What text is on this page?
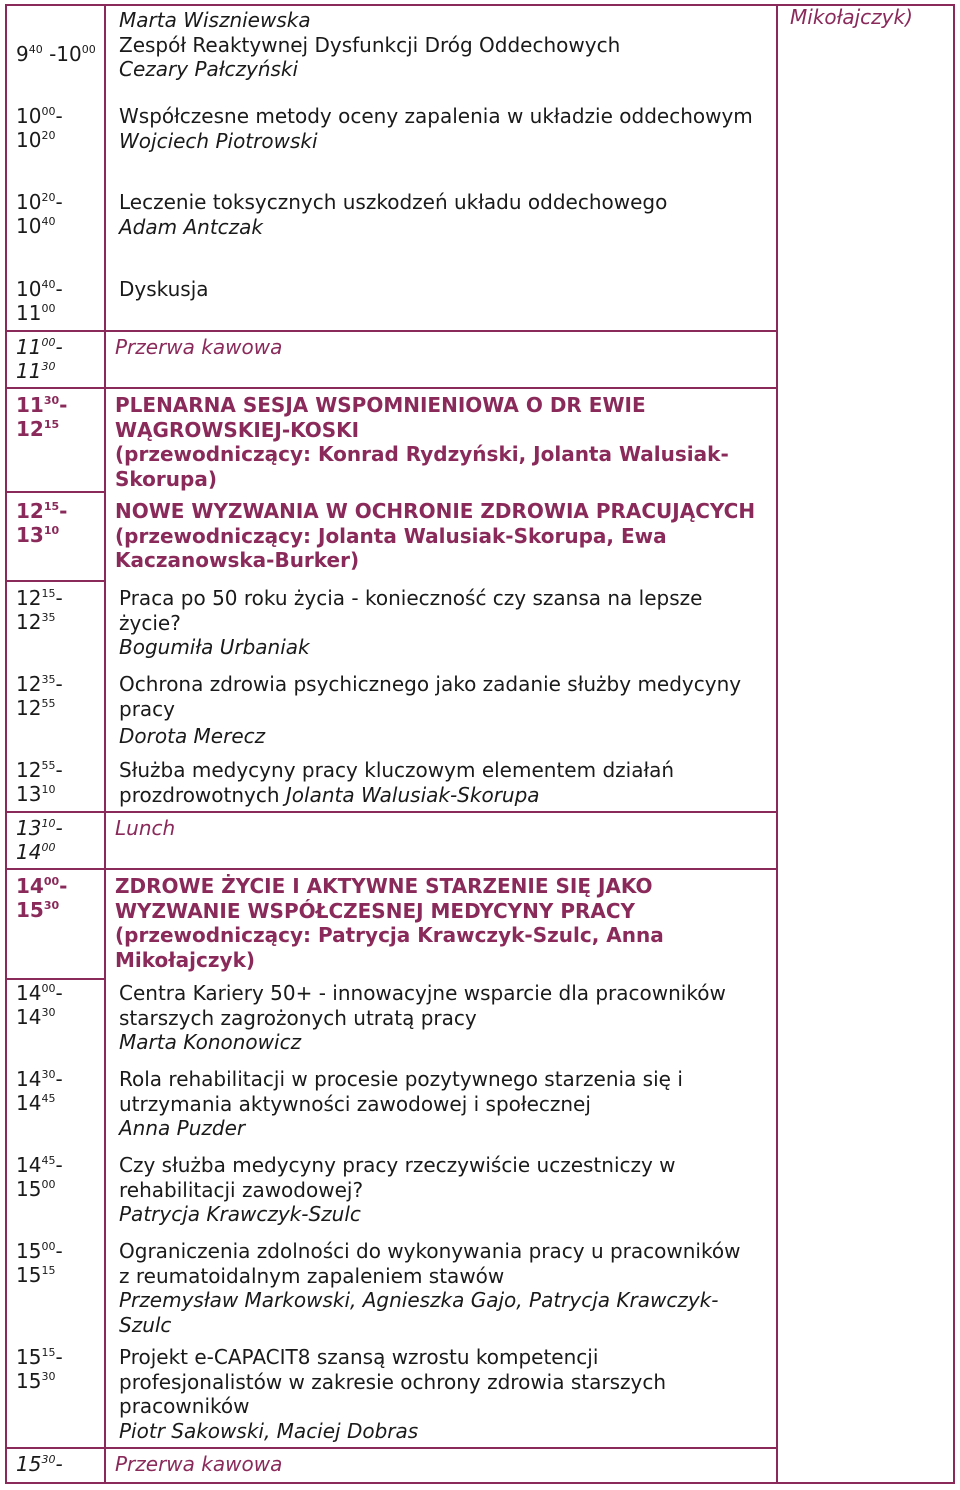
Mikołajczyk)
$9^{40}$ $-10^{00}$
Marta Wiszniewska
Zespół Reaktywnej Dysfunkcji Dróg Oddechowych
Cezary Pałczyński
$10^{00}-$
$10^{20}$
Współczesne metody oceny zapalenia w układzie oddechowym
Wojciech Piotrowski
$10^{20}-$
$10^{40}$
Leczenie toksycznych uszkodzeń układu oddechowego
Adam Antczak
$10^{40}-$
$11^{00}$
Dyskusja
$11^{00}-$
$11^{30}$
Przerwa kawowa
$11^{30}-$
$12^{15}$
PLENARNA SESJA WSPOMNIENIOWA O DR EWIE
WĄGROWSKIEJ-KOSKI
(przewodniczący: Konrad Rydzyński, Jolanta Walusiak-
Skorupa)
$12^{15}-$
$13^{10}$
NOWE WYZWANIA W OCHRONIE ZDROWIA PRACUJĄCYCH
(przewodniczący: Jolanta Walusiak-Skorupa, Ewa
Kaczanowska-Burker)
$12^{15}-$
$12^{35}$
Praca po 50 roku życia - konieczność czy szansa na lepsze
życie?
Bogumiła Urbaniak
$12^{35}-$
$12^{55}$
Ochrona zdrowia psychicznego jako zadanie służby medycyny
pracy
Dorota Merecz
$12^{55}-$
$13^{10}$
Służba medycyny pracy kluczowym elementem działań
prozdrowotnych Jolanta Walusiak-Skorupa
$13^{10}-$
$14^{00}$
Lunch
$14^{00}-$
$15^{30}$
ZDROWE ŻYCIE I AKTYWNE STARZENIE SIĘ JAKO
WYZWANIE WSPÓŁCZESNEJ MEDYCYNY PRACY
(przewodniczący: Patrycja Krawczyk-Szulc, Anna
Mikołajczyk)
$14^{00}-$
$14^{30}$
Centra Kariery 50+ - innowacyjne wsparcie dla pracowników
starszych zagrożonych utratą pracy
Marta Kononowicz
$14^{30}-$
$14^{45}$
Rola rehabilitacji w procesie pozytywnego starzenia się i
utrzymania aktywności zawodowej i społecznej
Anna Puzder
$14^{45}-$
$15^{00}$
Czy służba medycyny pracy rzeczywiście uczestniczy w
rehabilitacji zawodowej?
Patrycja Krawczyk-Szulc
$15^{00}-$
$15^{15}$
Ograniczenia zdolności do wykonywania pracy u pracowników
z reumatoidalnym zapaleniem stawów
Przemysław Markowski, Agnieszka Gajo, Patrycja Krawczyk-
Szulc
$15^{15}-$
$15^{30}$
Projekt e-CAPACIT8 szansą wzrostu kompetencji
profesjonalistów w zakresie ochrony zdrowia starszych
pracowników
Piotr Sakowski, Maciej Dobras
$15^{30}-$	Przerwa kawowa
